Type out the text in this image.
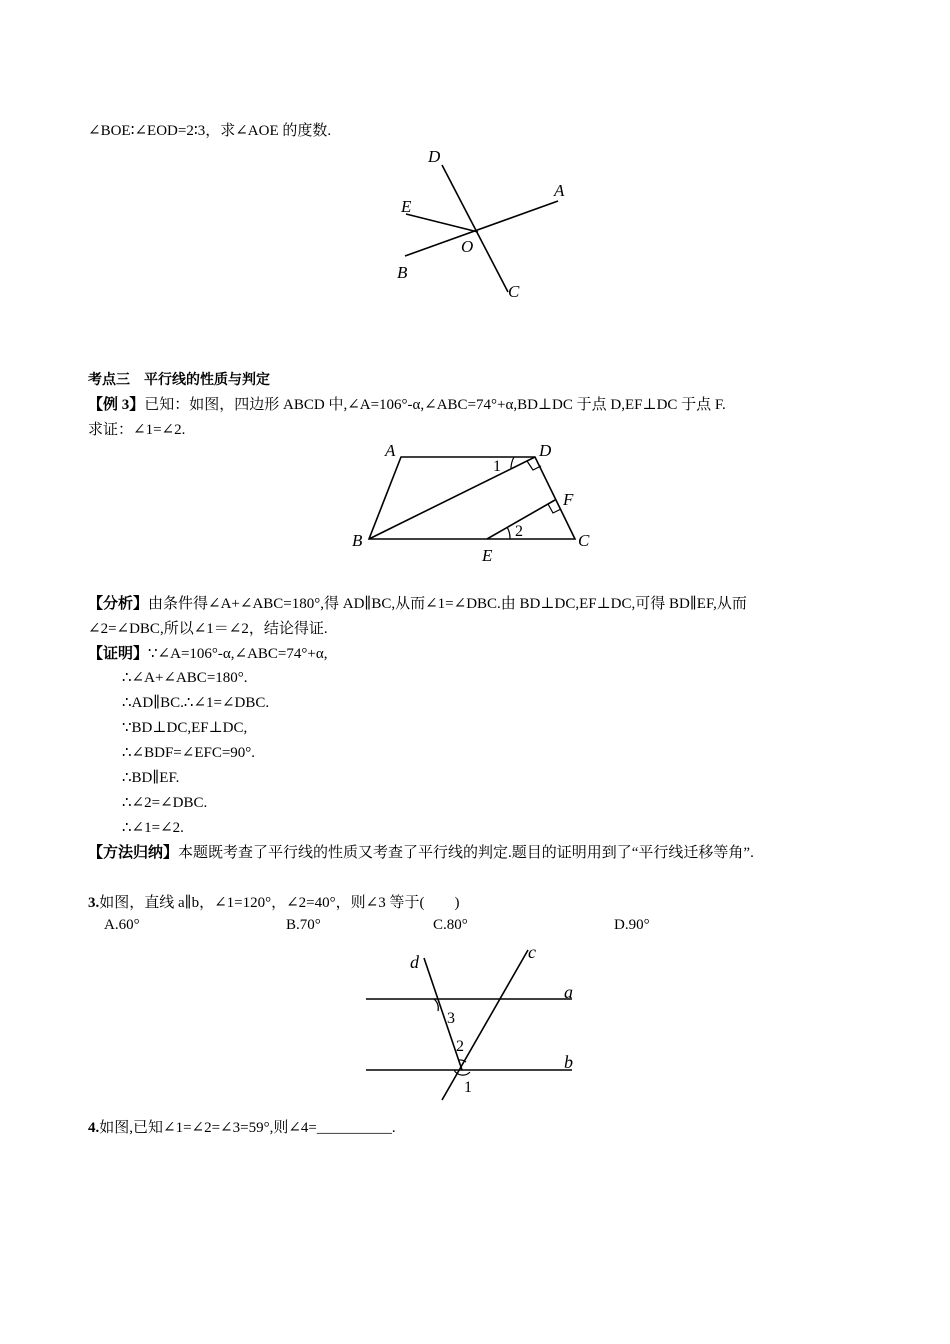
∠BOE∶∠EOD=2∶3，求∠AOE 的度数.
D
A
E
O
B
C
考点三　平行线的性质与判定
【例 3】已知：如图，四边形 ABCD 中,∠A=106°-α,∠ABC=74°+α,BD⊥DC 于点 D,EF⊥DC 于点 F.
求证：∠1=∠2.
A	D
F
B
E
C
1
2
【分析】由条件得∠A+∠ABC=180°,得 AD∥BC,从而∠1=∠DBC.由 BD⊥DC,EF⊥DC,可得 BD∥EF,从而
∠2=∠DBC,所以∠1＝∠2，结论得证.
【证明】∵∠A=106°-α,∠ABC=74°+α,
∴∠A+∠ABC=180°.
∴AD∥BC.∴∠1=∠DBC.
∵BD⊥DC,EF⊥DC,
∴∠BDF=∠EFC=90°.
∴BD∥EF.
∴∠2=∠DBC.
∴∠1=∠2.
【方法归纳】本题既考查了平行线的性质又考查了平行线的判定.题目的证明用到了“平行线迁移等角”.
3.如图，直线 a∥b，∠1=120°，∠2=40°，则∠3 等于(　　)
A.60°	B.70°	C.80°	D.90°
d	c
a
b
3
2
1
4.如图,已知∠1=∠2=∠3=59°,则∠4=__________.
